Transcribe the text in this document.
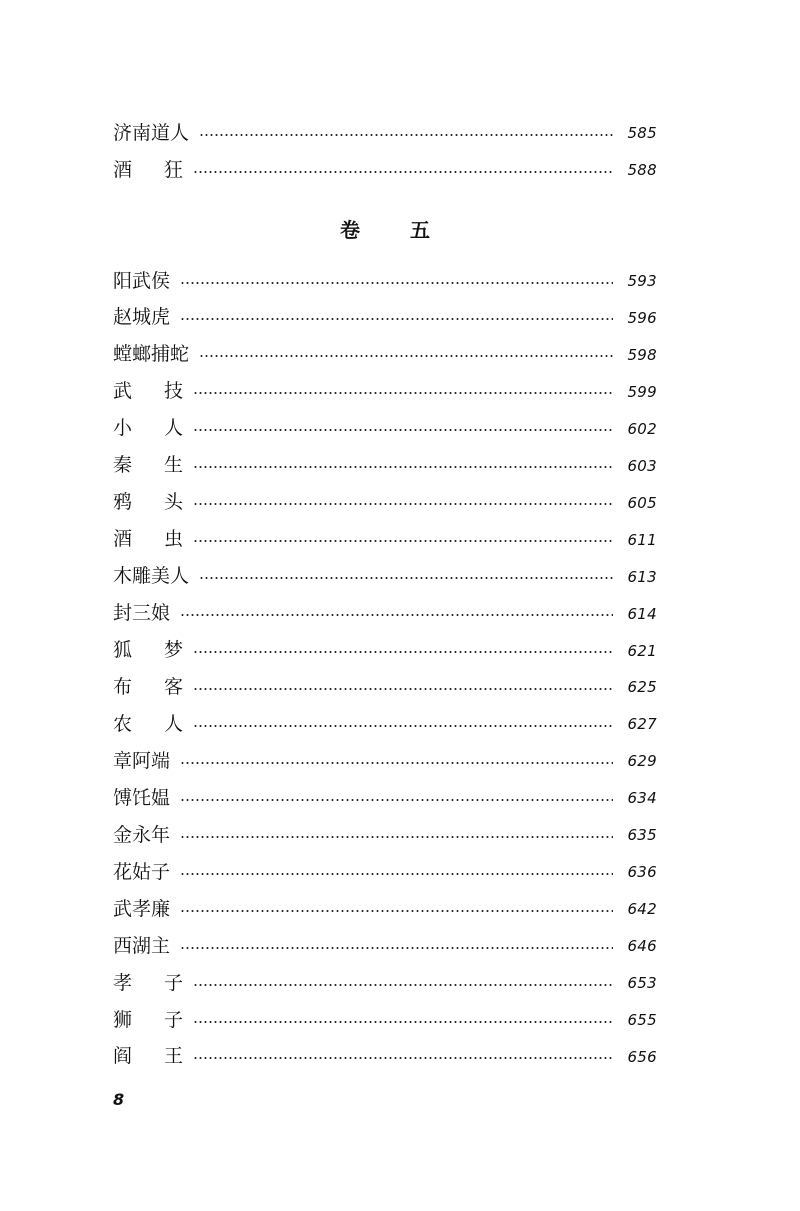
济 南 道 人	585
酒 狂	588
卷	五
阳 武 侯	593
赵 城 虎	596
螳 螂 捕 蛇	598
武 技	599
小 人	602
秦 生	603
鸦 头	605
酒 虫	611
木 雕 美 人	613
封 三 娘	614
狐 梦	621
布 客	625
农 人	627
章 阿 端	629
馎 饦 媪	634
金 永 年	635
花 姑 子	636
武 孝 廉	642
西 湖 主	646
孝 子	653
狮 子	655
阎 王	656
8
